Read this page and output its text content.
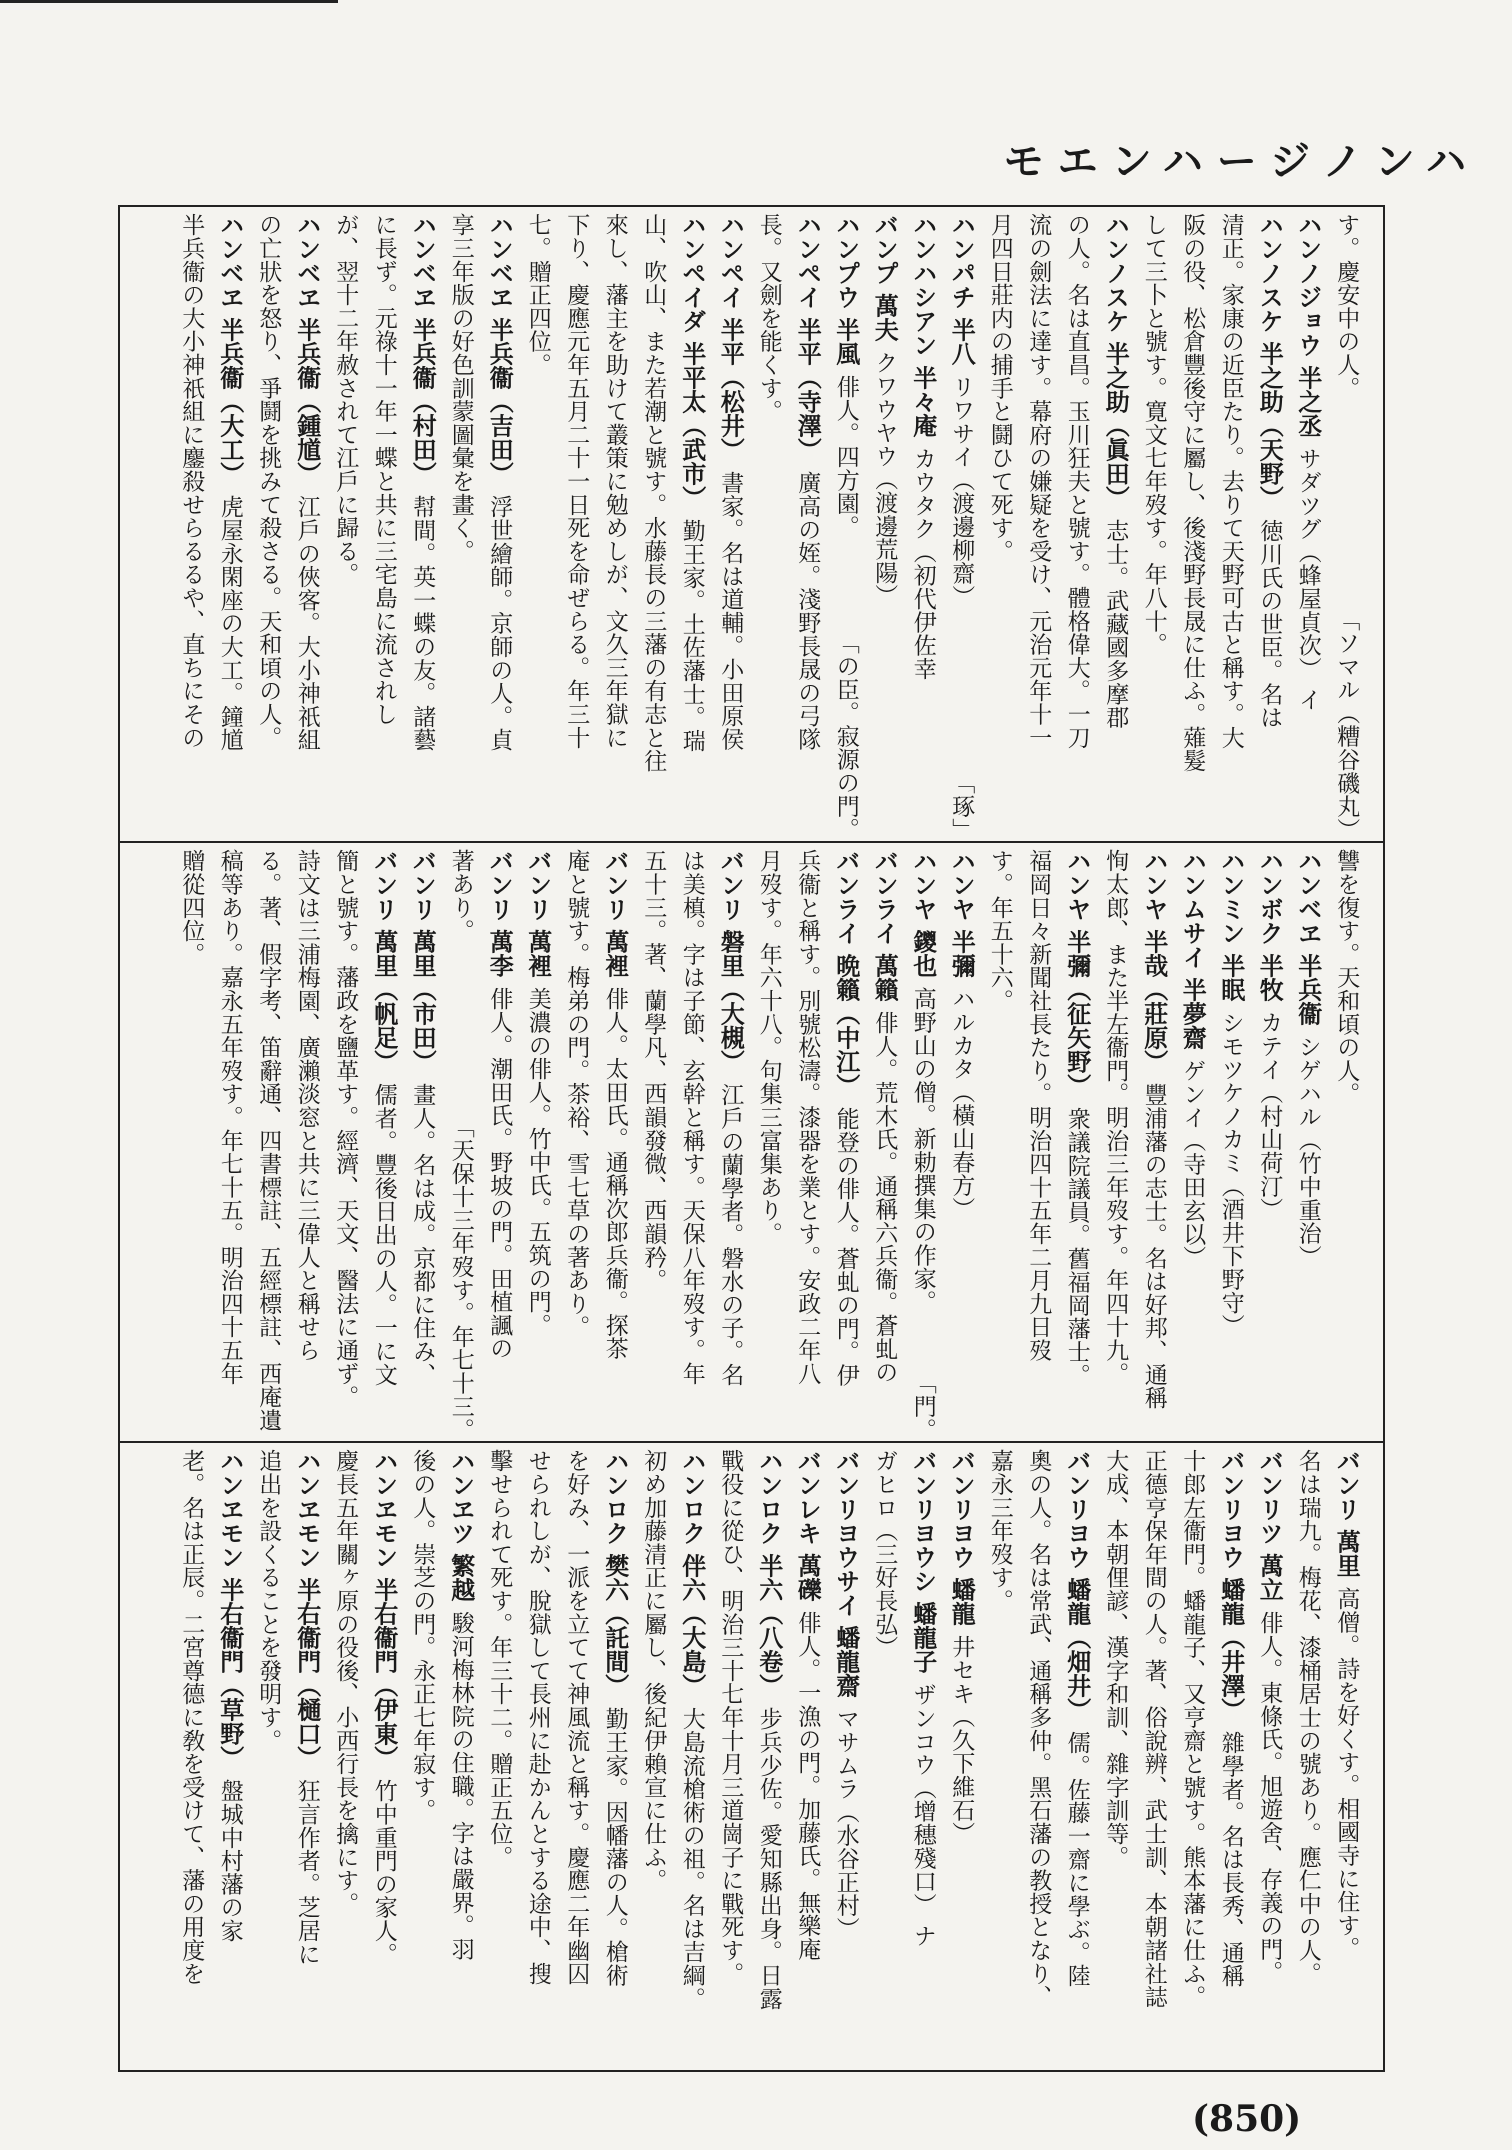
モエンハージノンハ
す。慶安中の人。
「ソマル（糟谷磯丸）
ハンノジョウ 半之丞
サダツグ（蜂屋貞次） イ
ハンノスケ 半之助（天野）
徳川氏の世臣。名は
清正。家康の近臣たり。去りて天野可古と稱す。大
阪の役、松倉豐後守に屬し、後淺野長晟に仕ふ。薙髮
して三卜と號す。寛文七年歿す。年八十。
ハンノスケ 半之助（眞田）
志士。武藏國多摩郡
の人。名は直昌。玉川狂夫と號す。體格偉大。一刀
流の劍法に達す。幕府の嫌疑を受け、元治元年十一
月四日莊内の捕手と鬪ひて死す。
ハンパチ 半八
リワサイ（渡邊柳齋）
「琢」
ハンハシアン 半々庵
カウタク（初代伊佐幸
バンプ 萬夫
クワウヤウ（渡邊荒陽）
ハンプウ 半風
俳人。四方園。
「の臣。寂源の門。
ハンペイ 半平（寺澤）
廣高の姪。淺野長晟の弓隊
長。又劍を能くす。
ハンペイ 半平（松井）
書家。名は道輔。小田原侯
ハンペイダ 半平太（武市）
勤王家。土佐藩士。瑞
山、吹山、また若潮と號す。水藤長の三藩の有志と往
來し、藩主を助けて叢策に勉めしが、文久三年獄に
下り、慶應元年五月二十一日死を命ぜらる。年三十
七。贈正四位。
ハンベヱ 半兵衞（吉田）
浮世繪師。京師の人。貞
享三年版の好色訓蒙圖彙を畫く。
ハンベヱ 半兵衞（村田）
幇間。英一蝶の友。諸藝
に長ず。元祿十一年一蝶と共に三宅島に流されし
が、翌十二年赦されて江戶に歸る。
ハンベヱ 半兵衞（鍾馗）
江戶の俠客。大小神祇組
の亡狀を怒り、爭鬪を挑みて殺さる。天和頃の人。
ハンベヱ 半兵衞（大工）
虎屋永閑座の大工。鐘馗
半兵衞の大小神祇組に鏖殺せらるるや、直ちにその
讐を復す。天和頃の人。
ハンベヱ 半兵衞
シゲハル（竹中重治）
ハンボク 半牧
カテイ（村山荷汀）
ハンミン 半眠
シモツケノカミ（酒井下野守）
ハンムサイ 半夢齋
ゲンイ（寺田玄以）
ハンヤ 半哉（莊原）
豐浦藩の志士。名は好邦、通稱
恂太郎、また半左衞門。明治三年歿す。年四十九。
ハンヤ 半彌（征矢野）
衆議院議員。舊福岡藩士。
福岡日々新聞社長たり。明治四十五年二月九日歿
す。年五十六。
ハンヤ 半彌
ハルカタ（橫山春方）
ハンヤ 鑁也
高野山の僧。新勅撰集の作家。
「門。
バンライ 萬籟
俳人。荒木氏。通稱六兵衞。蒼虬の
バンライ 晩籟（中江）
能登の俳人。蒼虬の門。伊
兵衞と稱す。別號松濤。漆器を業とす。安政二年八
月歿す。年六十八。句集三富集あり。
バンリ 磐里（大槻）
江戶の蘭學者。磐水の子。名
は美槙。字は子節、玄幹と稱す。天保八年歿す。年
五十三。著、蘭學凡、西韻發微、西韻矜。
バンリ 萬裡
俳人。太田氏。通稱次郎兵衞。探茶
庵と號す。梅弟の門。茶裕、雪七草の著あり。
バンリ 萬裡
美濃の俳人。竹中氏。五筑の門。
バンリ 萬李
俳人。潮田氏。野坡の門。田植諷の
著あり。
「天保十三年歿す。年七十三。
バンリ 萬里（市田）
畫人。名は成。京都に住み、
バンリ 萬里（帆足）
儒者。豐後日出の人。一に文
簡と號す。藩政を鹽革す。經濟、天文、醫法に通ず。
詩文は三浦梅園、廣瀨淡窓と共に三偉人と稱せら
る。著、假字考、笛辭通、四書標註、五經標註、西庵遺
稿等あり。嘉永五年歿す。年七十五。明治四十五年
贈從四位。
バンリ 萬里
高僧。詩を好くす。相國寺に住す。
名は瑞九。梅花、漆桶居士の號あり。應仁中の人。
バンリツ 萬立
俳人。東條氏。旭遊舍、存義の門。
バンリヨウ 蟠龍（井澤）
雜學者。名は長秀、通稱
十郎左衞門。蟠龍子、又亨齋と號す。熊本藩に仕ふ。
正德亨保年間の人。著、俗說辨、武士訓、本朝諸社誌
大成、本朝俚諺、漢字和訓、雜字訓等。
バンリヨウ 蟠龍（畑井）
儒。佐藤一齋に學ぶ。陸
奧の人。名は常武、通稱多仲。黑石藩の教授となり、
嘉永三年歿す。
バンリヨウ 蟠龍
井セキ（久下維石）
バンリヨウシ 蟠龍子
ザンコウ（增穗殘口） ナ
ガヒロ（三好長弘）
バンリヨウサイ 蟠龍齋
マサムラ（水谷正村）
バンレキ 萬礫
俳人。一漁の門。加藤氏。無樂庵
ハンロク 半六（八卷）
步兵少佐。愛知縣出身。日露
戰役に從ひ、明治三十七年十月三道崗子に戰死す。
ハンロク 伴六（大島）
大島流槍術の祖。名は吉綱。
初め加藤清正に屬し、後紀伊賴宣に仕ふ。
ハンロク 樊六（託間）
勤王家。因幡藩の人。槍術
を好み、一派を立てて神風流と稱す。慶應二年幽囚
せられしが、脫獄して長州に赴かんとする途中、搜
擊せられて死す。年三十二。贈正五位。
ハンヱツ 繁越
駿河梅林院の住職。字は嚴界。羽
後の人。崇芝の門。永正七年寂す。
ハンヱモン 半右衞門（伊東）
竹中重門の家人。
慶長五年關ヶ原の役後、小西行長を擒にす。
ハンヱモン 半右衞門（樋口）
狂言作者。芝居に
追出を設くることを發明す。
ハンヱモン 半右衞門（草野）
盤城中村藩の家
老。名は正辰。二宮尊德に敎を受けて、藩の用度を
(850)
